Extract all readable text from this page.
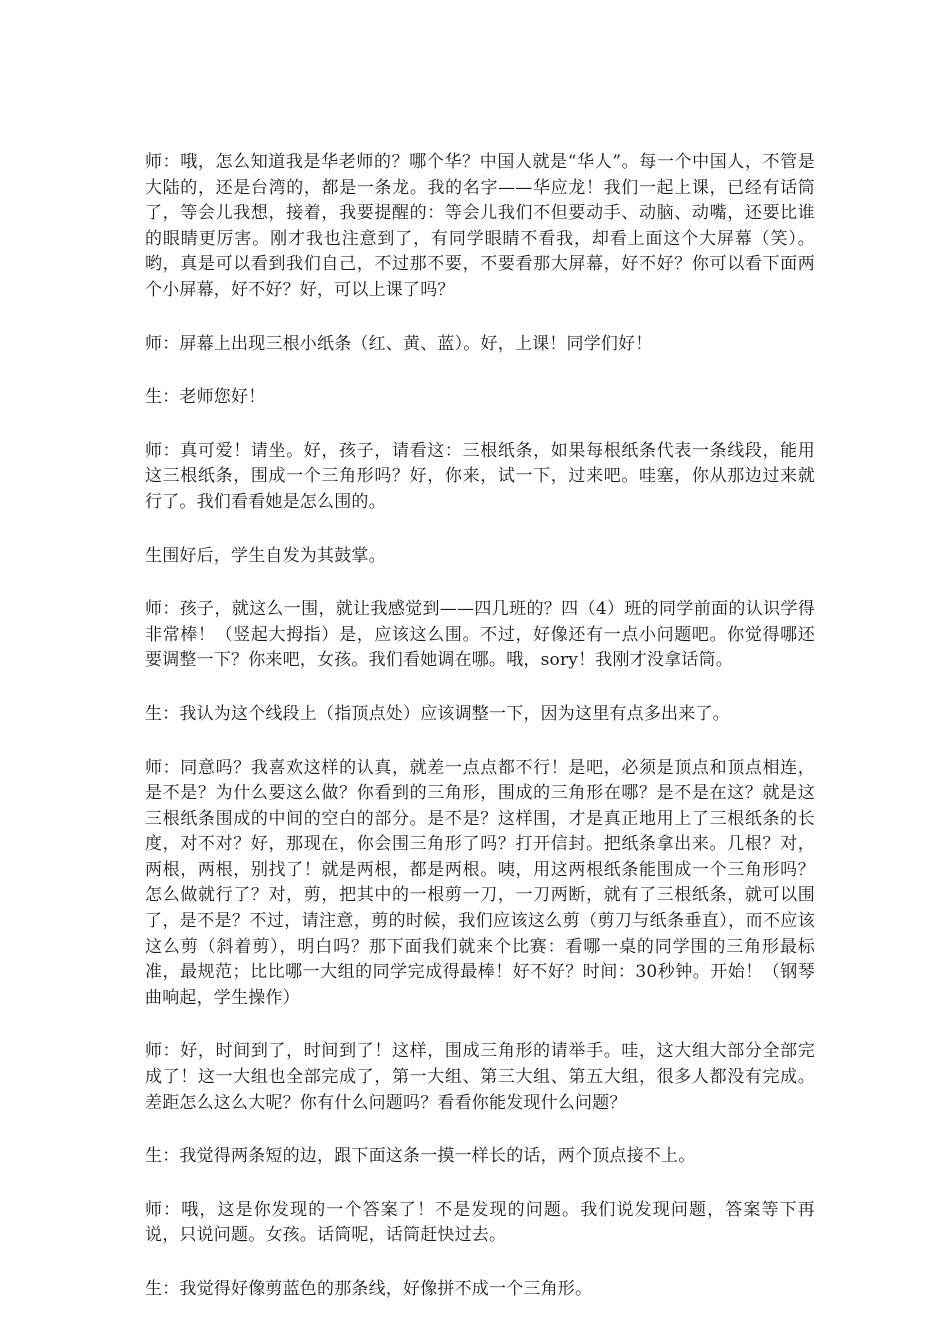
师：哦，怎么知道我是华老师的？哪个华？中国人就是“华人”。每一个中国人，不管是大陆的，还是台湾的，都是一条龙。我的名字——华应龙！我们一起上课，已经有话筒了，等会儿我想，接着，我要提醒的：等会儿我们不但要动手、动脑、动嘴，还要比谁的眼睛更厉害。刚才我也注意到了，有同学眼睛不看我，却看上面这个大屏幕（笑）。哟，真是可以看到我们自己，不过那不要，不要看那大屏幕，好不好？你可以看下面两个小屏幕，好不好？好，可以上课了吗？

师：屏幕上出现三根小纸条（红、黄、蓝）。好，上课！同学们好！

生：老师您好！

师：真可爱！请坐。好，孩子，请看这：三根纸条，如果每根纸条代表一条线段，能用这三根纸条，围成一个三角形吗？好，你来，试一下，过来吧。哇塞，你从那边过来就行了。我们看看她是怎么围的。

生围好后，学生自发为其鼓掌。

师：孩子，就这么一围，就让我感觉到——四几班的？四（4）班的同学前面的认识学得非常棒！（竖起大拇指）是，应该这么围。不过，好像还有一点小问题吧。你觉得哪还要调整一下？你来吧，女孩。我们看她调在哪。哦，sory！我刚才没拿话筒。

生：我认为这个线段上（指顶点处）应该调整一下，因为这里有点多出来了。

师：同意吗？我喜欢这样的认真，就差一点点都不行！是吧，必须是顶点和顶点相连，是不是？为什么要这么做？你看到的三角形，围成的三角形在哪？是不是在这？就是这三根纸条围成的中间的空白的部分。是不是？这样围，才是真正地用上了三根纸条的长度，对不对？好，那现在，你会围三角形了吗？打开信封。把纸条拿出来。几根？对，两根，两根，别找了！就是两根，都是两根。咦，用这两根纸条能围成一个三角形吗？怎么做就行了？对，剪，把其中的一根剪一刀，一刀两断，就有了三根纸条，就可以围了，是不是？不过，请注意，剪的时候，我们应该这么剪（剪刀与纸条垂直），而不应该这么剪（斜着剪），明白吗？那下面我们就来个比赛：看哪一桌的同学围的三角形最标准，最规范；比比哪一大组的同学完成得最棒！好不好？时间：30秒钟。开始！（钢琴曲响起，学生操作）

师：好，时间到了，时间到了！这样，围成三角形的请举手。哇，这大组大部分全部完成了！这一大组也全部完成了，第一大组、第三大组、第五大组，很多人都没有完成。差距怎么这么大呢？你有什么问题吗？看看你能发现什么问题？

生：我觉得两条短的边，跟下面这条一摸一样长的话，两个顶点接不上。

师：哦，这是你发现的一个答案了！不是发现的问题。我们说发现问题，答案等下再说，只说问题。女孩。话筒呢，话筒赶快过去。

生：我觉得好像剪蓝色的那条线，好像拼不成一个三角形。
